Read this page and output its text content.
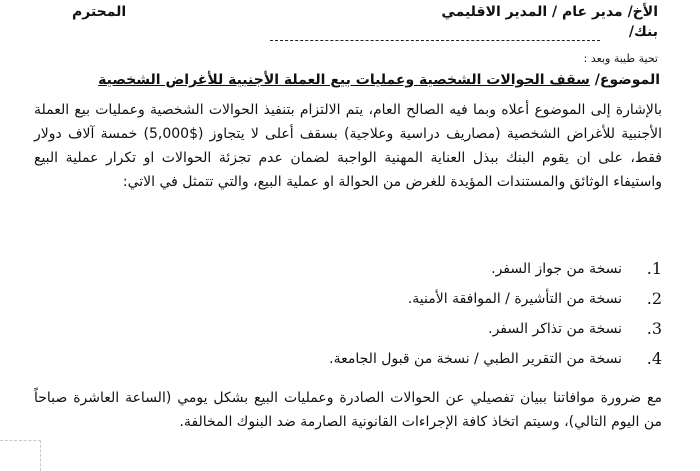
الأخ/ مدير عام / المدير الاقليمي
المحترم
بنك/
تحية طيبة وبعد :
الموضوع/ سقف الحوالات الشخصية وعمليات بيع العملة الأجنبية للأغراض الشخصية
بالإشارة إلى الموضوع أعلاه وبما فيه الصالح العام، يتم الالتزام بتنفيذ الحوالات الشخصية وعمليات بيع العملة الأجنبية للأغراض الشخصية (مصاريف دراسية وعلاجية) بسقف أعلى لا يتجاوز ($5,000) خمسة آلاف دولار فقط، على ان يقوم البنك ببذل العناية المهنية الواجبة لضمان عدم تجزئة الحوالات او تكرار عملية البيع واستيفاء الوثائق والمستندات المؤيدة للغرض من الحوالة او عملية البيع، والتي تتمثل في الاتي:
1.
نسخة من جواز السفر.
2.
نسخة من التأشيرة / الموافقة الأمنية.
3.
نسخة من تذاكر السفر.
4.
نسخة من التقرير الطبي / نسخة من قبول الجامعة.
مع ضرورة موافاتنا ببيان تفصيلي عن الحوالات الصادرة وعمليات البيع بشكل يومي (الساعة العاشرة صباحاً من اليوم التالي)، وسيتم اتخاذ كافة الإجراءات القانونية الصارمة ضد البنوك المخالفة.
